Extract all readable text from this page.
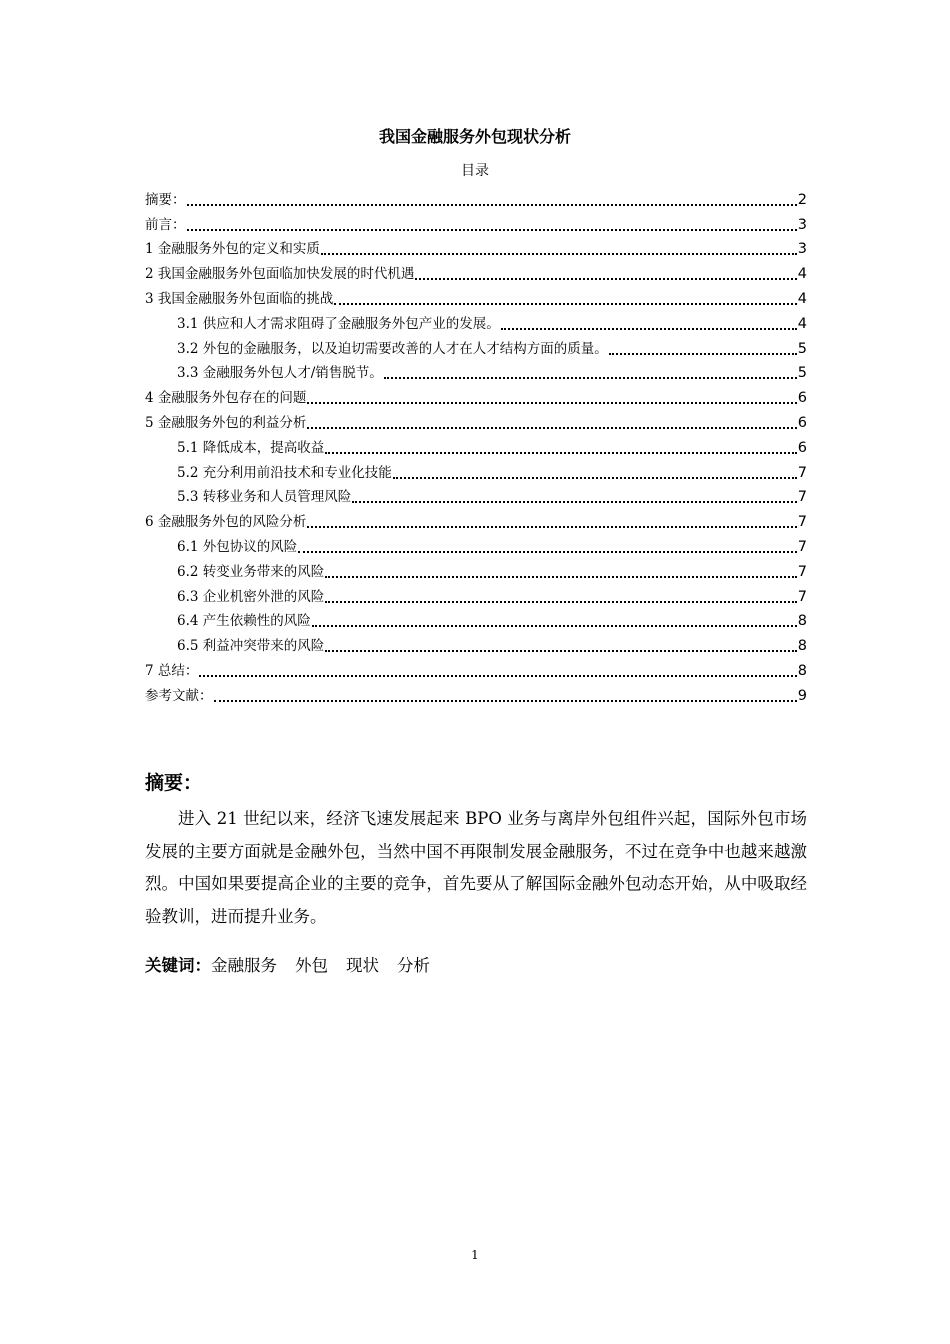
我国金融服务外包现状分析
目录
摘要：	2
前言：	3
1 金融服务外包的定义和实质	3
2 我国金融服务外包面临加快发展的时代机遇	4
3 我国金融服务外包面临的挑战	4
3.1 供应和人才需求阻碍了金融服务外包产业的发展。	4
3.2 外包的金融服务，以及迫切需要改善的人才在人才结构方面的质量。	5
3.3 金融服务外包人才/销售脱节。	5
4 金融服务外包存在的问题	6
5 金融服务外包的利益分析	6
5.1 降低成本，提高收益	6
5.2 充分利用前沿技术和专业化技能	7
5.3 转移业务和人员管理风险	7
6 金融服务外包的风险分析	7
6.1 外包协议的风险	7
6.2 转变业务带来的风险	7
6.3 企业机密外泄的风险	7
6.4 产生依赖性的风险	8
6.5 利益冲突带来的风险	8
7 总结：	8
参考文献：	9
摘要：
进入 21 世纪以来，经济飞速发展起来 BPO 业务与离岸外包组件兴起，国际外包市场发展的主要方面就是金融外包，当然中国不再限制发展金融服务，不过在竞争中也越来越激烈。中国如果要提高企业的主要的竞争，首先要从了解国际金融外包动态开始，从中吸取经验教训，进而提升业务。
关键词：金融服务 外包 现状 分析
1
